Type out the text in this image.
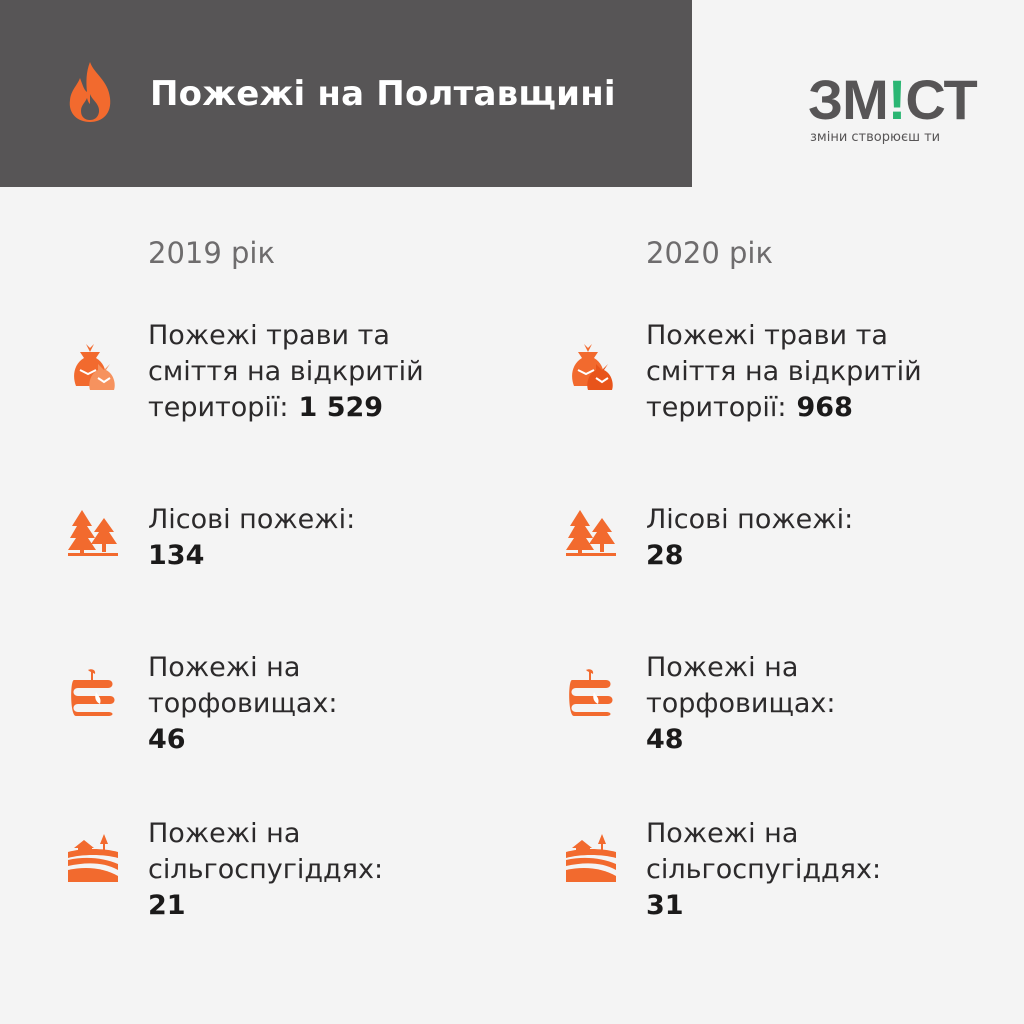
Пожежі на Полтавщині	ЗМ!СТ
зміни створюєш ти
2019 рік
Пожежі трави та
сміття на відкритій
території: 1 529
Лісові пожежі:
134
Пожежі на
торфовищах:
46
Пожежі на
сільгоспугіддях:
21
2020 рік
Пожежі трави та
сміття на відкритій
території: 968
Лісові пожежі:
28
Пожежі на
торфовищах:
48
Пожежі на
сільгоспугіддях:
31
